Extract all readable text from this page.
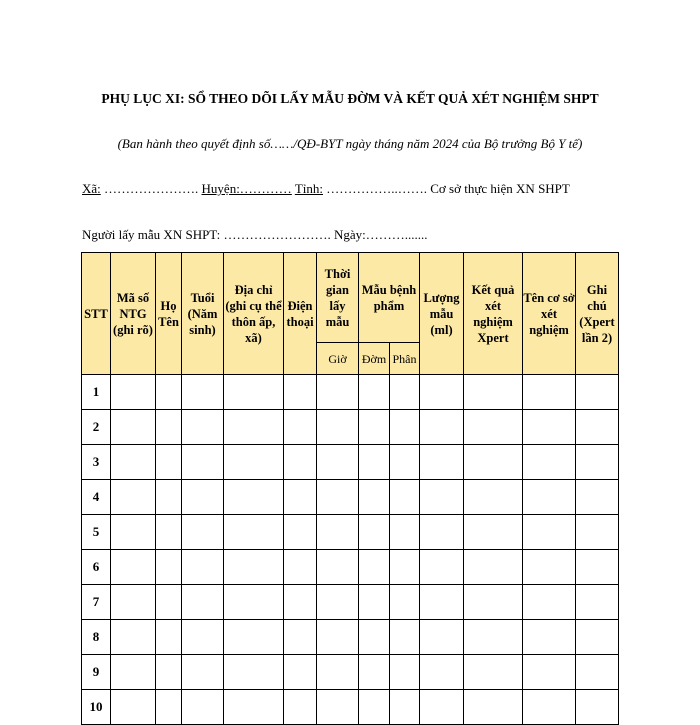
PHỤ LỤC XI: SỔ THEO DÕI LẤY MẪU ĐỜM VÀ KẾT QUẢ XÉT NGHIỆM SHPT
(Ban hành theo quyết định số……/QĐ-BYT ngày tháng năm 2024 của Bộ trưởng Bộ Y tế)
Xã: …………………. Huyện:………… Tỉnh: ……………..……. Cơ sở thực hiện XN SHPT
Người lấy mẫu XN SHPT: ……………………. Ngày:……….......
STT	Mã số NTG (ghi rõ)	Họ Tên	Tuổi (Năm sinh)	Địa chỉ (ghi cụ thể thôn ấp, xã)	Điện thoại	Thời gian lấy mẫu	Mẫu bệnh phẩm		Lượng mẫu (ml)	Kết quả xét nghiệm Xpert	Tên cơ sở xét nghiệm	Ghi chú (Xpert lần 2)
						Giờ	Đờm	Phân				
1												
2												
3												
4												
5												
6												
7												
8												
9												
10												
